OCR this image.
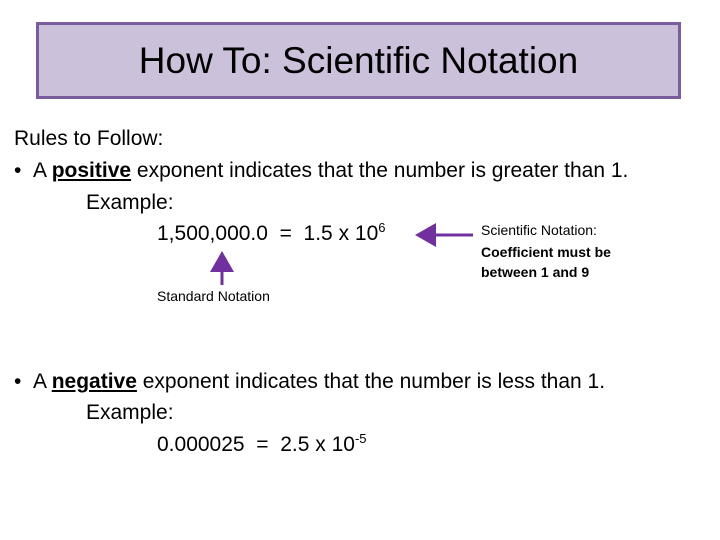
How To: Scientific Notation
Rules to Follow:
• A positive exponent indicates that the number is greater than 1.
Example:
1,500,000.0 = 1.5 x $10^6$	Scientific Notation:
Coefficient must be
between 1 and 9
Standard Notation
• A negative exponent indicates that the number is less than 1.
Example:
0.000025 = 2.5 x $10^{-5}$
